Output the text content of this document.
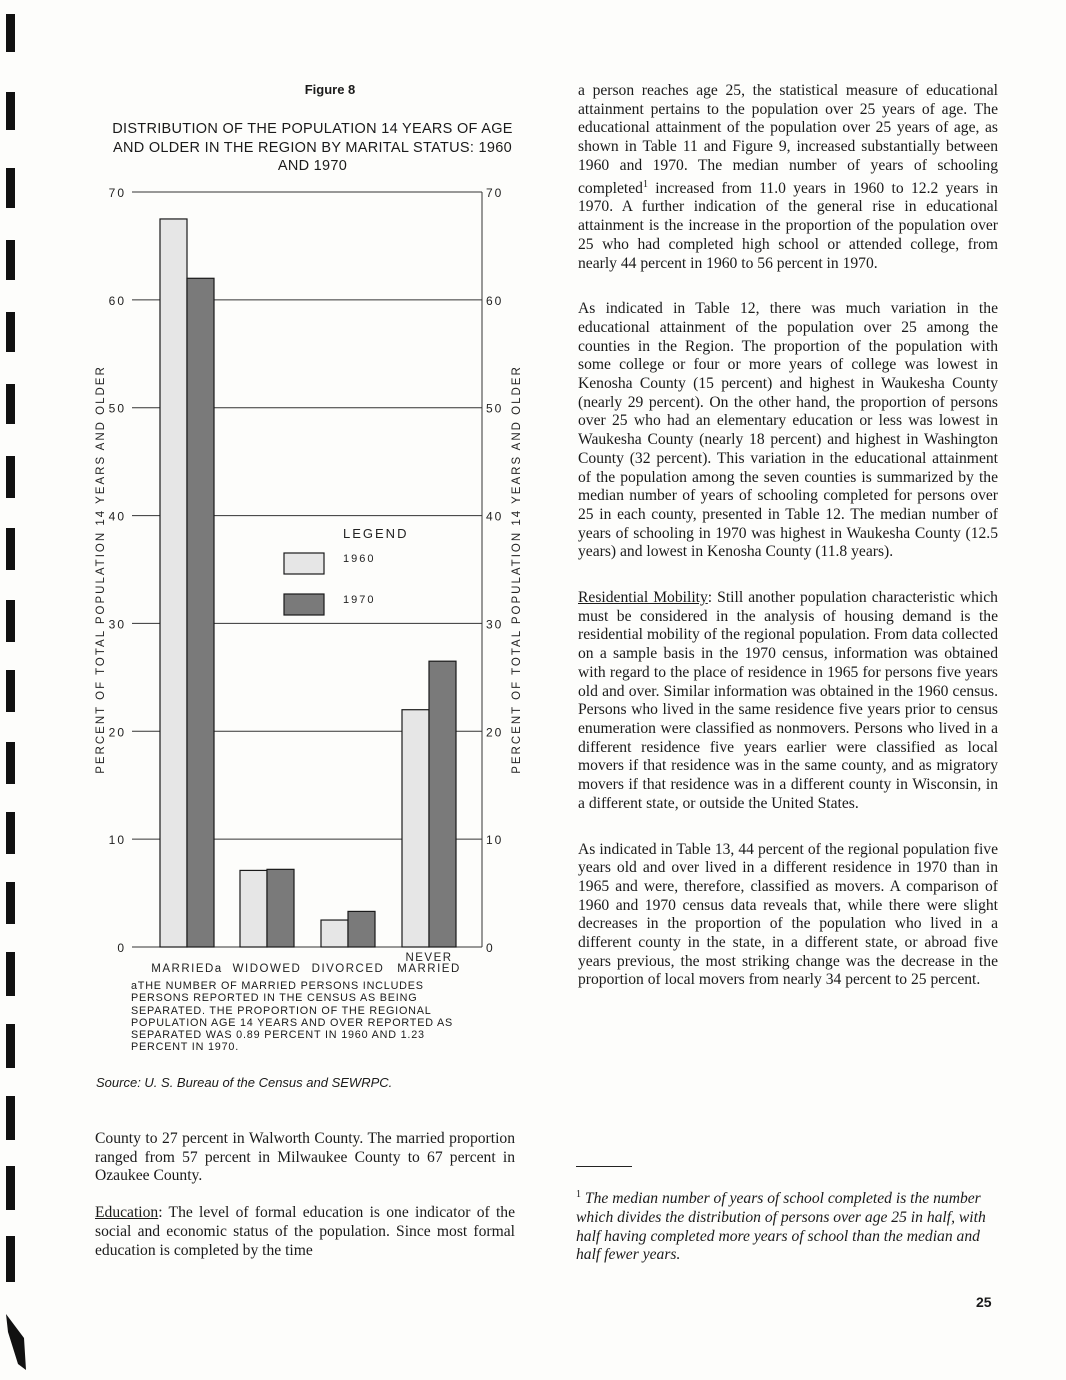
Figure 8
DISTRIBUTION OF THE POPULATION 14 YEARS OF AGE AND OLDER IN THE REGION BY MARITAL STATUS: 1960 AND 1970
0	0
10	10
20	20
30	30
40	40
50	50
60	60
70	70
MARRIEDa WIDOWED DIVORCED
NEVER
MARRIED
PERCENT OF TOTAL POPULATION 14 YEARS AND OLDER	PERCENT OF TOTAL POPULATION 14 YEARS AND OLDER
LEGEND
1960
1970
aTHE NUMBER OF MARRIED PERSONS INCLUDES PERSONS REPORTED IN THE CENSUS AS BEING SEPARATED. THE PROPORTION OF THE REGIONAL POPULATION AGE 14 YEARS AND OVER REPORTED AS SEPARATED WAS 0.89 PERCENT IN 1960 AND 1.23 PERCENT IN 1970.
Source: U. S. Bureau of the Census and SEWRPC.

County to 27 percent in Walworth County. The married proportion ranged from 57 percent in Milwaukee County to 67 percent in Ozaukee County.

Education: The level of formal education is one indicator of the social and economic status of the population. Since most formal education is completed by the time

a person reaches age 25, the statistical measure of educational attainment pertains to the population over 25 years of age. The educational attainment of the population over 25 years of age, as shown in Table 11 and Figure 9, increased substantially between 1960 and 1970. The median number of years of schooling completed$^1$ increased from 11.0 years in 1960 to 12.2 years in 1970. A further indication of the general rise in educational attainment is the increase in the proportion of the population over 25 who had completed high school or attended college, from nearly 44 percent in 1960 to 56 percent in 1970.

As indicated in Table 12, there was much variation in the educational attainment of the population over 25 among the counties in the Region. The proportion of the population with some college or four or more years of college was lowest in Kenosha County (15 percent) and highest in Waukesha County (nearly 29 percent). On the other hand, the proportion of persons over 25 who had an elementary education or less was lowest in Waukesha County (nearly 18 percent) and highest in Washington County (32 percent). This variation in the educational attainment of the population among the seven counties is summarized by the median number of years of schooling completed for persons over 25 in each county, presented in Table 12. The median number of years of schooling in 1970 was highest in Waukesha County (12.5 years) and lowest in Kenosha County (11.8 years).

Residential Mobility: Still another population characteristic which must be considered in the analysis of housing demand is the residential mobility of the regional population. From data collected on a sample basis in the 1970 census, information was obtained with regard to the place of residence in 1965 for persons five years old and over. Similar information was obtained in the 1960 census. Persons who lived in the same residence five years prior to census enumeration were classified as nonmovers. Persons who lived in a different residence five years earlier were classified as local movers if that residence was in the same county, and as migratory movers if that residence was in a different county in Wisconsin, in a different state, or outside the United States.

As indicated in Table 13, 44 percent of the regional population five years old and over lived in a different residence in 1970 than in 1965 and were, therefore, classified as movers. A comparison of 1960 and 1970 census data reveals that, while there were slight decreases in the proportion of the population who lived in a different county in the state, in a different state, or abroad five years previous, the most striking change was the decrease in the proportion of local movers from nearly 34 percent to 25 percent.

$^1$ The median number of years of school completed is the number which divides the distribution of persons over age 25 in half, with half having completed more years of school than the median and half fewer years.
25
